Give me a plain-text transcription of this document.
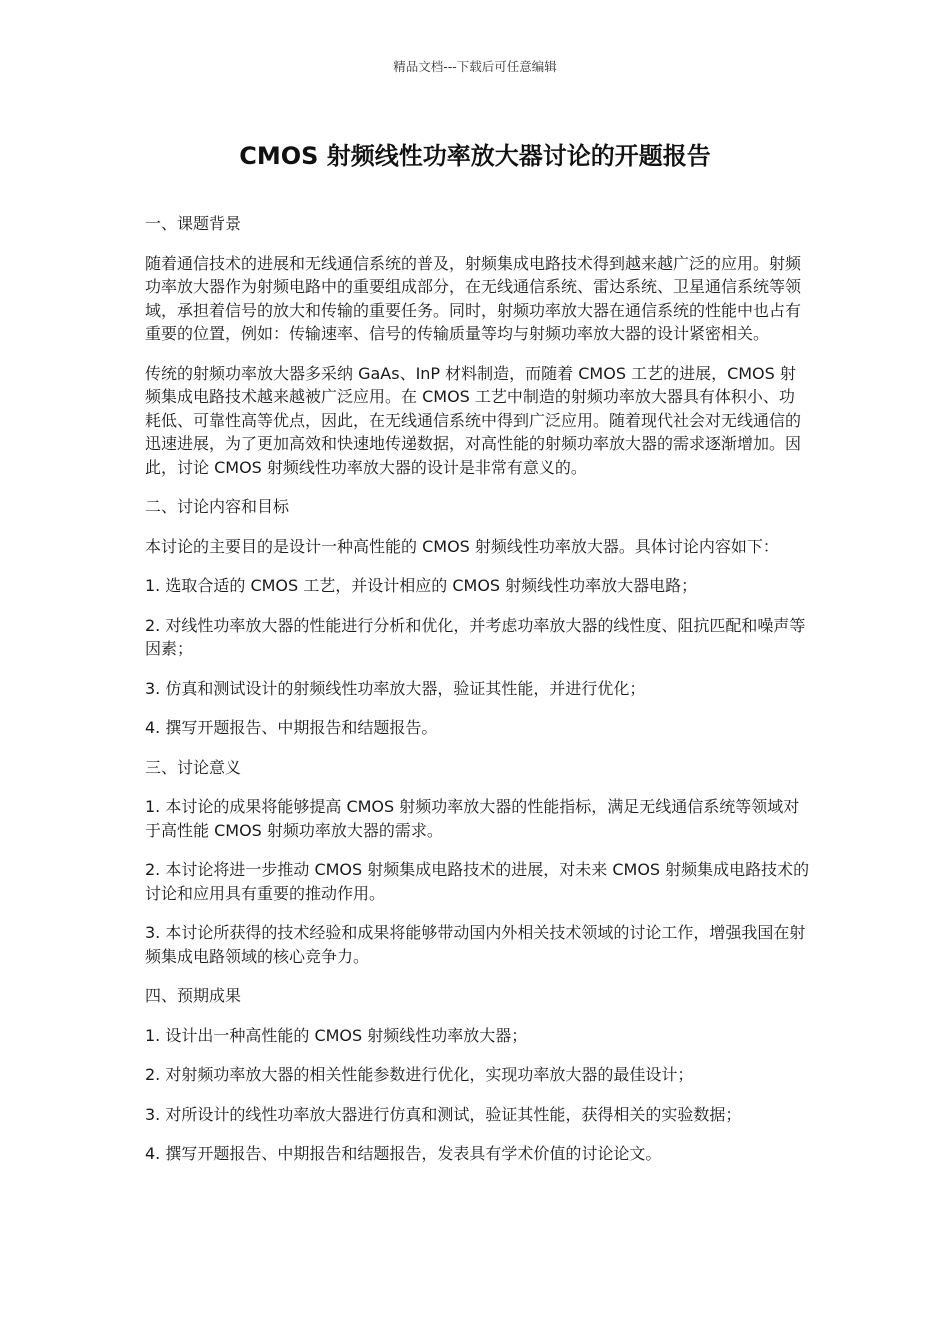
精品文档---下载后可任意编辑
CMOS 射频线性功率放大器讨论的开题报告

一、课题背景

随着通信技术的进展和无线通信系统的普及，射频集成电路技术得到越来越广泛的应用。射频功率放大器作为射频电路中的重要组成部分，在无线通信系统、雷达系统、卫星通信系统等领域，承担着信号的放大和传输的重要任务。同时，射频功率放大器在通信系统的性能中也占有重要的位置，例如：传输速率、信号的传输质量等均与射频功率放大器的设计紧密相关。

传统的射频功率放大器多采纳 GaAs、InP 材料制造，而随着 CMOS 工艺的进展，CMOS 射频集成电路技术越来越被广泛应用。在 CMOS 工艺中制造的射频功率放大器具有体积小、功耗低、可靠性高等优点，因此，在无线通信系统中得到广泛应用。随着现代社会对无线通信的迅速进展，为了更加高效和快速地传递数据，对高性能的射频功率放大器的需求逐渐增加。因此，讨论 CMOS 射频线性功率放大器的设计是非常有意义的。

二、讨论内容和目标

本讨论的主要目的是设计一种高性能的 CMOS 射频线性功率放大器。具体讨论内容如下：

1. 选取合适的 CMOS 工艺，并设计相应的 CMOS 射频线性功率放大器电路；

2. 对线性功率放大器的性能进行分析和优化，并考虑功率放大器的线性度、阻抗匹配和噪声等因素；

3. 仿真和测试设计的射频线性功率放大器，验证其性能，并进行优化；

4. 撰写开题报告、中期报告和结题报告。

三、讨论意义

1. 本讨论的成果将能够提高 CMOS 射频功率放大器的性能指标，满足无线通信系统等领域对于高性能 CMOS 射频功率放大器的需求。

2. 本讨论将进一步推动 CMOS 射频集成电路技术的进展，对未来 CMOS 射频集成电路技术的讨论和应用具有重要的推动作用。

3. 本讨论所获得的技术经验和成果将能够带动国内外相关技术领域的讨论工作，增强我国在射频集成电路领域的核心竞争力。

四、预期成果

1. 设计出一种高性能的 CMOS 射频线性功率放大器；

2. 对射频功率放大器的相关性能参数进行优化，实现功率放大器的最佳设计；

3. 对所设计的线性功率放大器进行仿真和测试，验证其性能，获得相关的实验数据；

4. 撰写开题报告、中期报告和结题报告，发表具有学术价值的讨论论文。
